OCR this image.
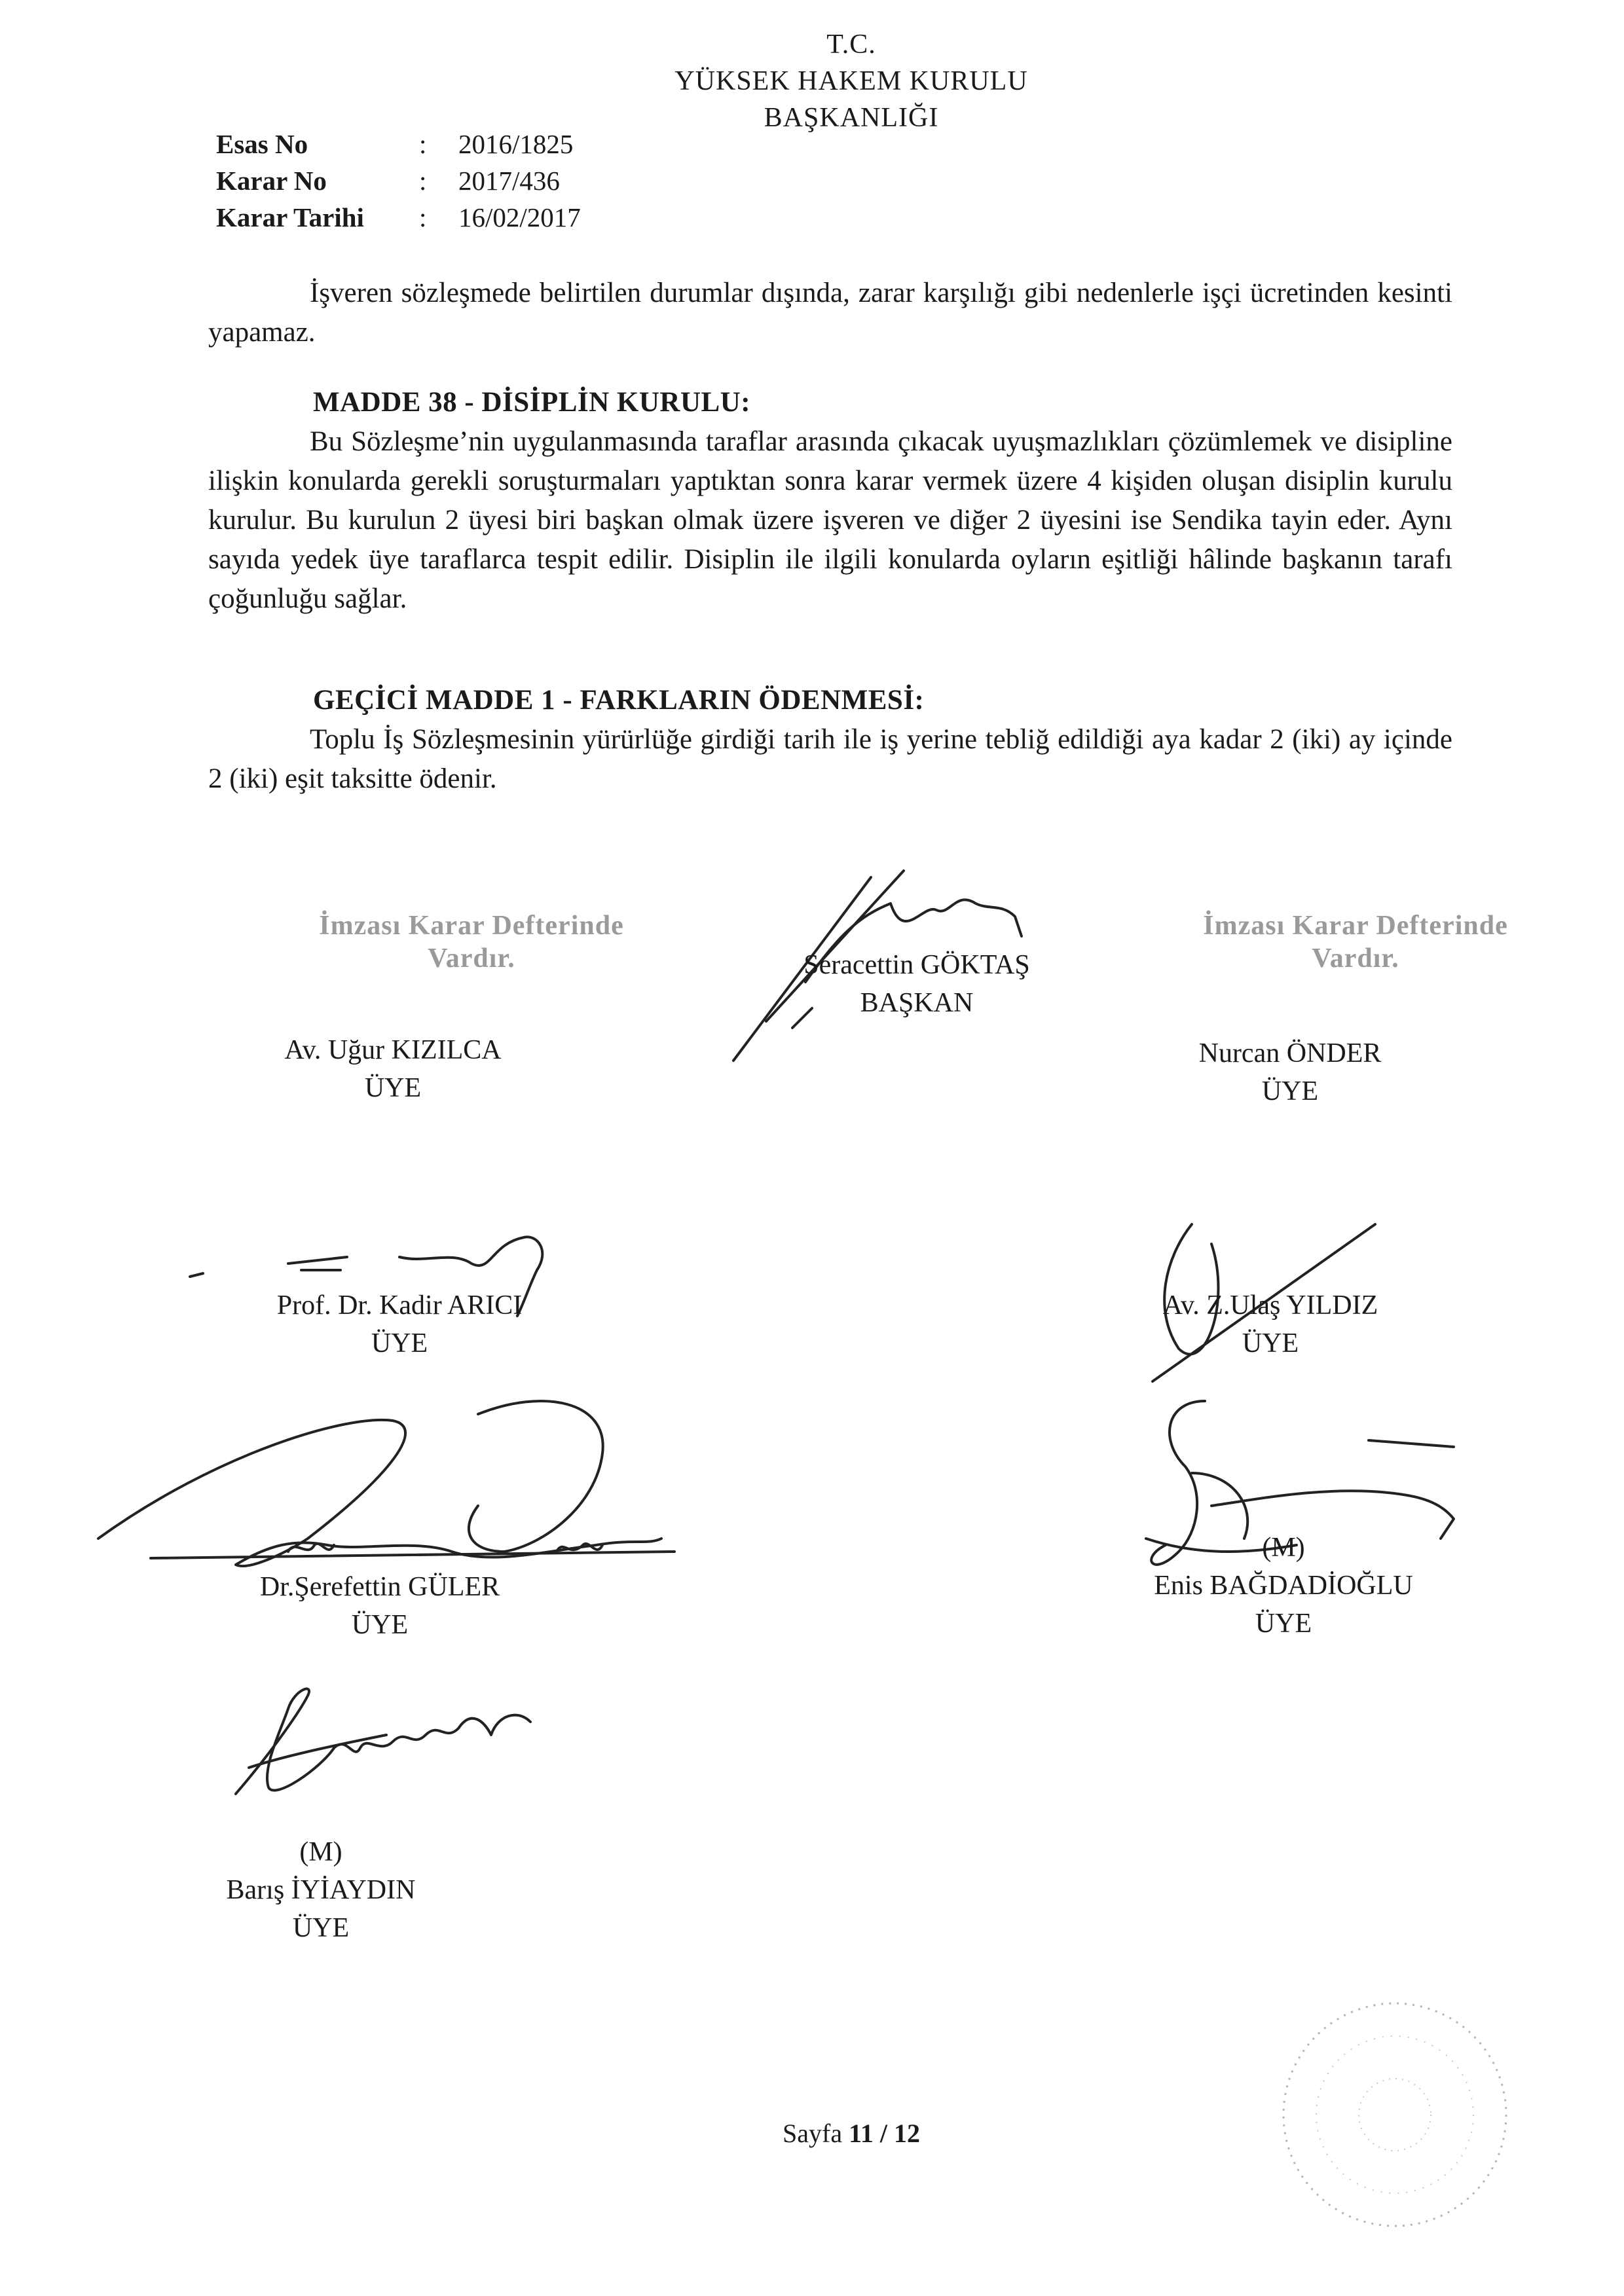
T.C.
YÜKSEK HAKEM KURULU
BAŞKANLIĞI
Esas No	: 2016/1825
Karar No	: 2017/436
Karar Tarihi : 16/02/2017
İşveren sözleşmede belirtilen durumlar dışında, zarar karşılığı gibi nedenlerle işçi ücretinden kesinti yapamaz.
MADDE 38 - DİSİPLİN KURULU:
Bu Sözleşme’nin uygulanmasında taraflar arasında çıkacak uyuşmazlıkları çözümlemek ve disipline ilişkin konularda gerekli soruşturmaları yaptıktan sonra karar vermek üzere 4 kişiden oluşan disiplin kurulu kurulur. Bu kurulun 2 üyesi biri başkan olmak üzere işveren ve diğer 2 üyesini ise Sendika tayin eder. Aynı sayıda yedek üye taraflarca tespit edilir. Disiplin ile ilgili konularda oyların eşitliği hâlinde başkanın tarafı çoğunluğu sağlar.
GEÇİCİ MADDE 1 - FARKLARIN ÖDENMESİ:
Toplu İş Sözleşmesinin yürürlüğe girdiği tarih ile iş yerine tebliğ edildiği aya kadar 2 (iki) ay içinde 2 (iki) eşit taksitte ödenir.
İmzası Karar Defterinde
Vardır.
İmzası Karar Defterinde
Vardır.
Seracettin GÖKTAŞ
BAŞKAN
Av. Uğur KIZILCA
ÜYE
Nurcan ÖNDER
ÜYE
Prof. Dr. Kadir ARICI
ÜYE
Av. Z.Ulaş YILDIZ
ÜYE
Dr.Şerefettin GÜLER
ÜYE
(M)
Enis BAĞDADİOĞLU
ÜYE
(M)
Barış İYİAYDIN
ÜYE
Sayfa 11 / 12
